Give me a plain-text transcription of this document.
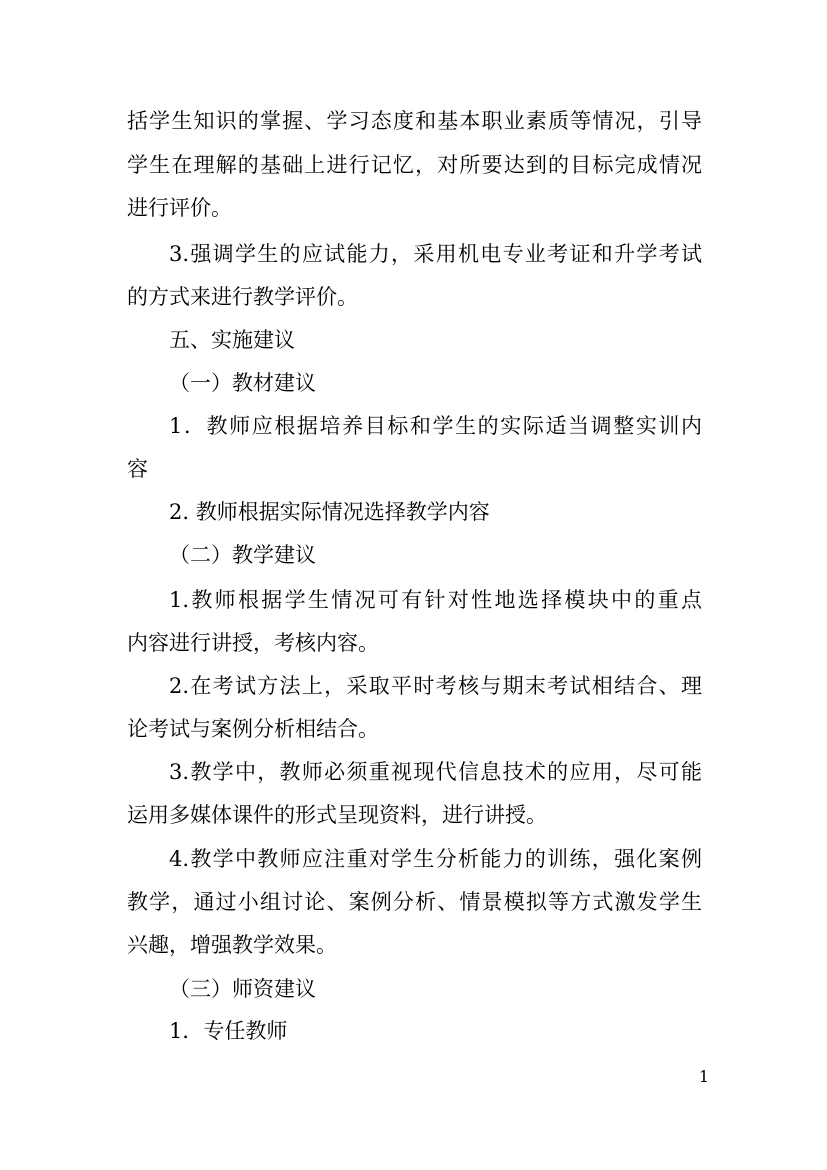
括学生知识的掌握、学习态度和基本职业素质等情况，引导
学生在理解的基础上进行记忆，对所要达到的目标完成情况
进行评价。
3.强调学生的应试能力，采用机电专业考证和升学考试
的方式来进行教学评价。
五、实施建议
（一）教材建议
1．教师应根据培养目标和学生的实际适当调整实训内
容
2. 教师根据实际情况选择教学内容
（二）教学建议
1.教师根据学生情况可有针对性地选择模块中的重点
内容进行讲授，考核内容。
2.在考试方法上，采取平时考核与期末考试相结合、理
论考试与案例分析相结合。
3.教学中，教师必须重视现代信息技术的应用，尽可能
运用多媒体课件的形式呈现资料，进行讲授。
4.教学中教师应注重对学生分析能力的训练，强化案例
教学，通过小组讨论、案例分析、情景模拟等方式激发学生
兴趣，增强教学效果。
（三）师资建议
1．专任教师
1
